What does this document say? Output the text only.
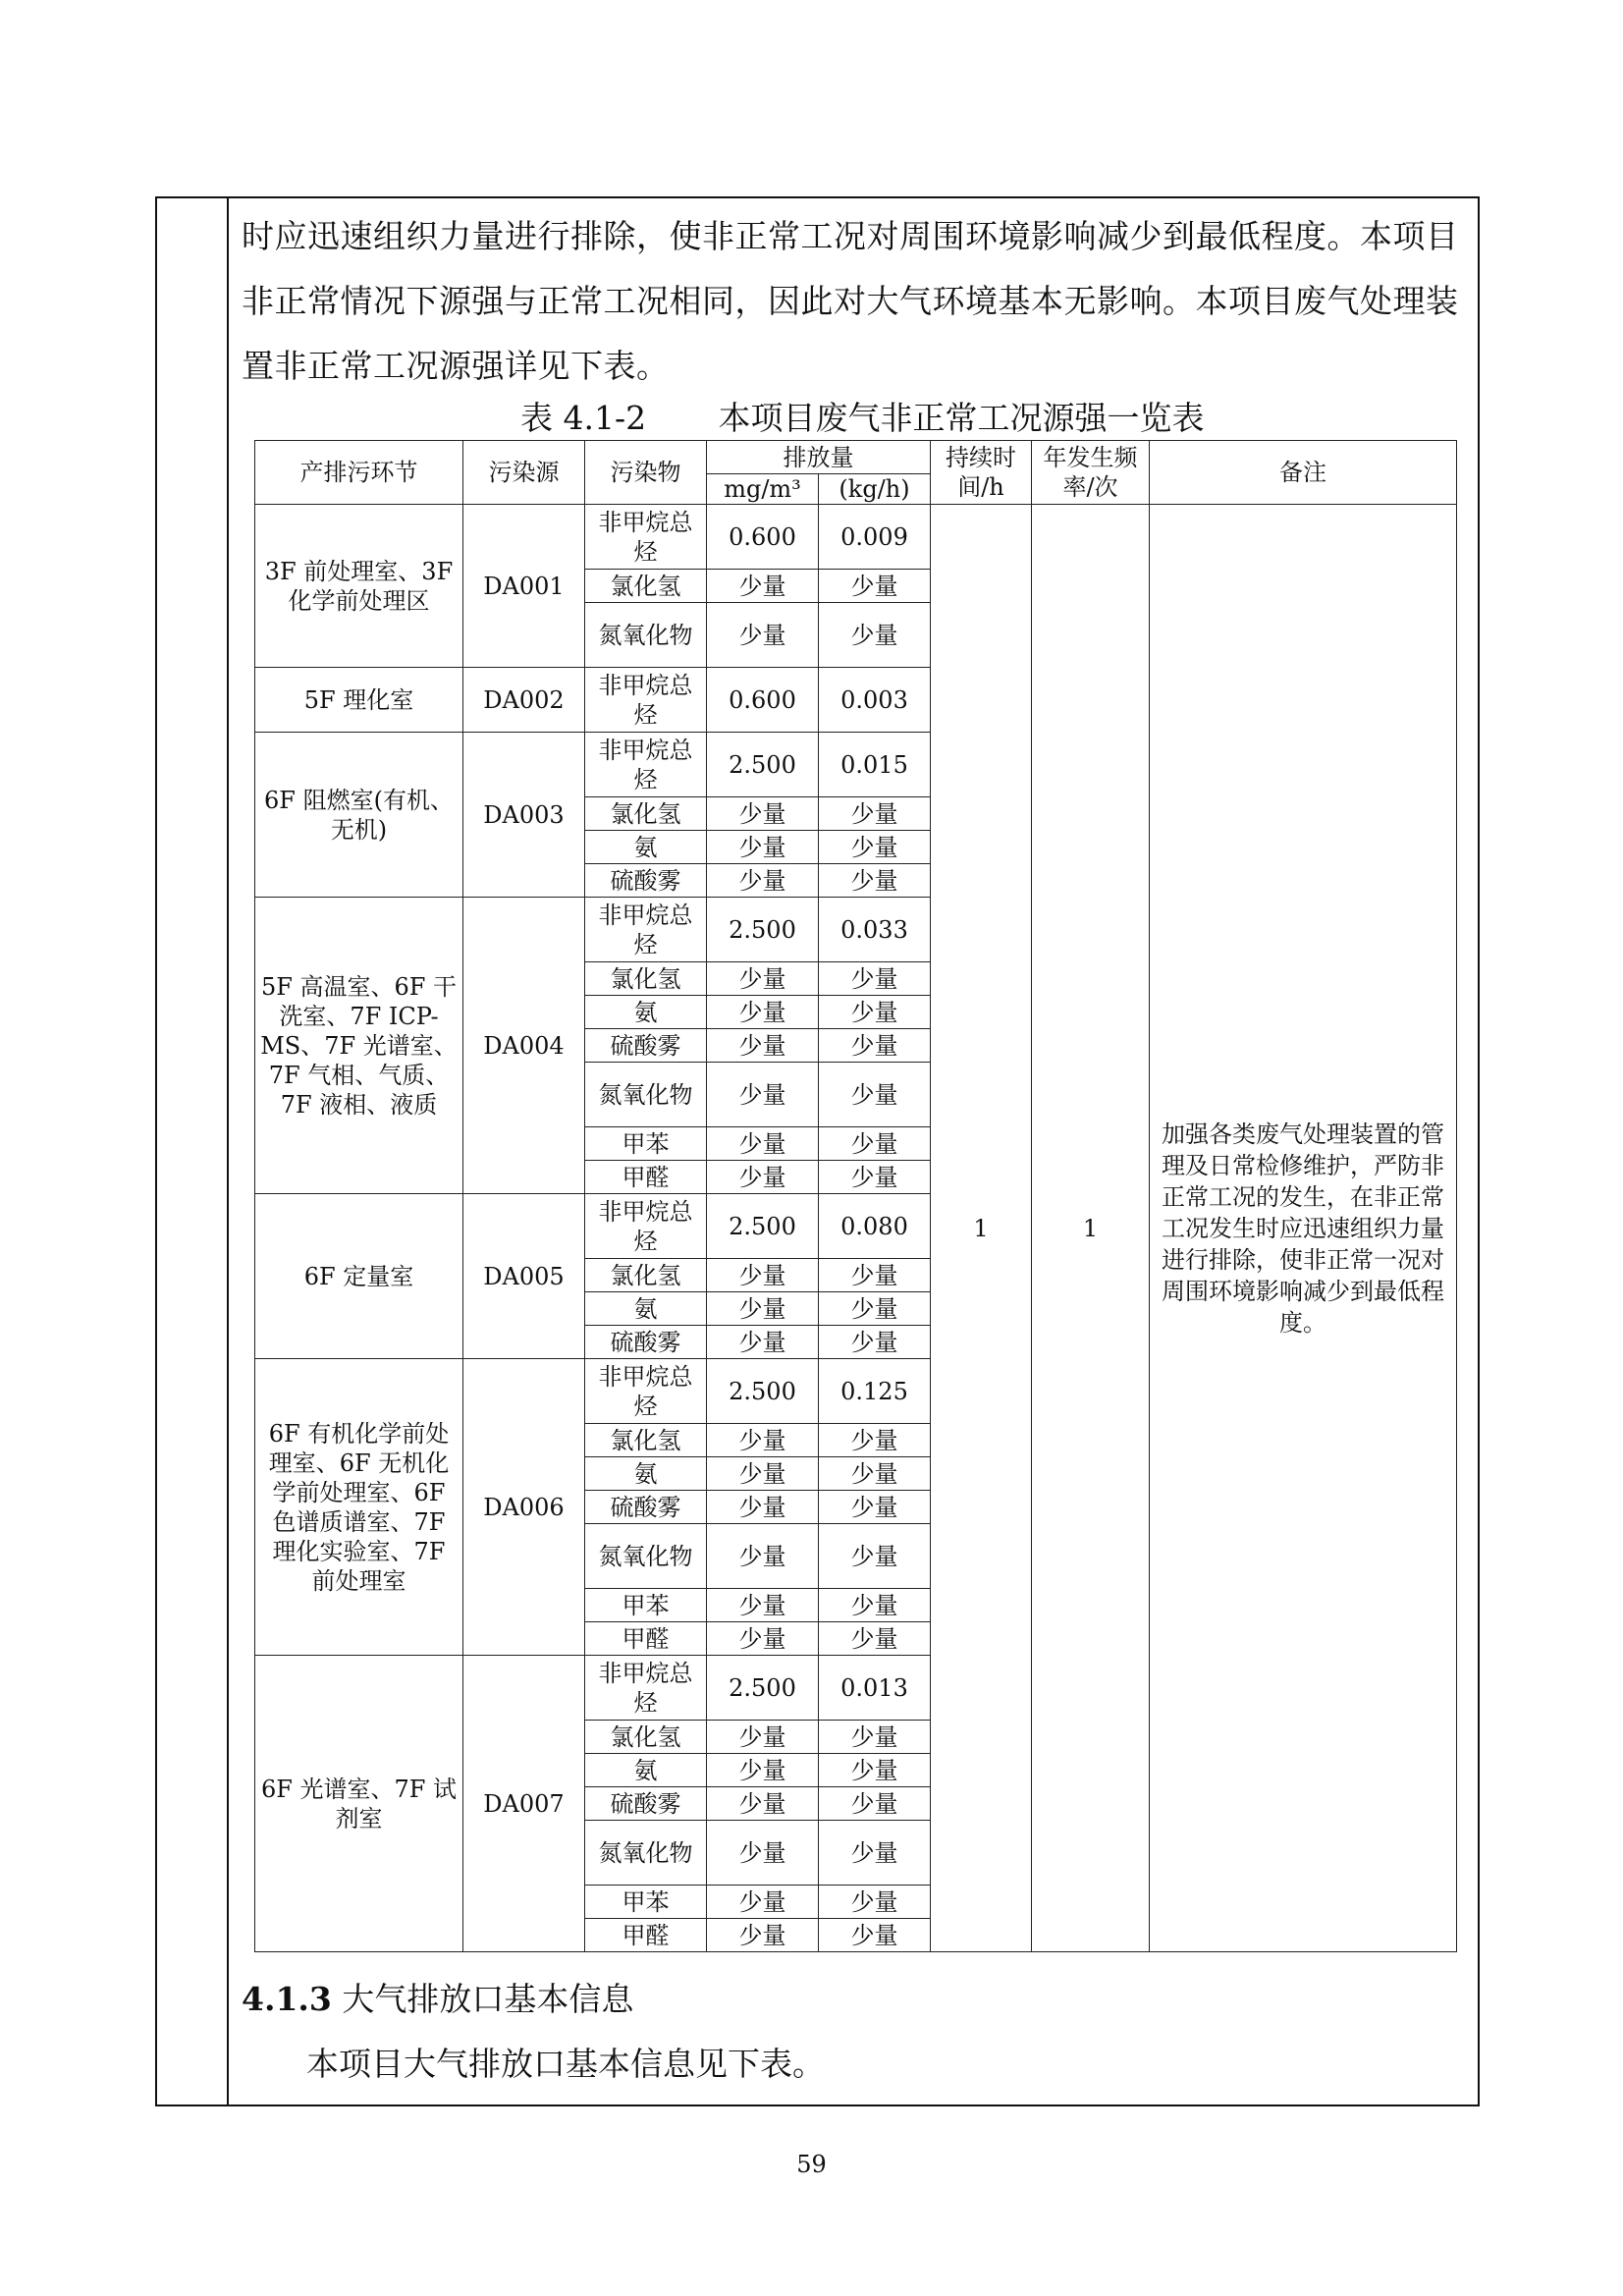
时应迅速组织力量进行排除，使非正常工况对周围环境影响减少到最低程度。本项目
非正常情况下源强与正常工况相同，因此对大气环境基本无影响。本项目废气处理装
置非正常工况源强详见下表。
表 4.1-2       本项目废气非正常工况源强一览表
产排污环节	污染源	污染物	排放量		持续时间/h	年发生频率/次	备注
			mg/m³	(kg/h)			
3F 前处理室、3F 化学前处理区	DA001	非甲烷总烃	0.600	0.009	1	1	加强各类废气处理装置的管理及日常检修维护，严防非正常工况的发生，在非正常工况发生时应迅速组织力量进行排除，使非正常一况对周围环境影响减少到最低程度。
		氯化氢	少量	少量			
		氮氧化物	少量	少量			
5F 理化室	DA002	非甲烷总烃	0.600	0.003			
6F 阻燃室(有机、无机)	DA003	非甲烷总烃	2.500	0.015			
		氯化氢	少量	少量			
		氨	少量	少量			
		硫酸雾	少量	少量			
5F 高温室、6F 干洗室、7F ICP-MS、7F 光谱室、7F 气相、气质、7F 液相、液质	DA004	非甲烷总烃	2.500	0.033			
		氯化氢	少量	少量			
		氨	少量	少量			
		硫酸雾	少量	少量			
		氮氧化物	少量	少量			
		甲苯	少量	少量			
		甲醛	少量	少量			
6F 定量室	DA005	非甲烷总烃	2.500	0.080			
		氯化氢	少量	少量			
		氨	少量	少量			
		硫酸雾	少量	少量			
6F 有机化学前处理室、6F 无机化学前处理室、6F 色谱质谱室、7F 理化实验室、7F 前处理室	DA006	非甲烷总烃	2.500	0.125			
		氯化氢	少量	少量			
		氨	少量	少量			
		硫酸雾	少量	少量			
		氮氧化物	少量	少量			
		甲苯	少量	少量			
		甲醛	少量	少量			
6F 光谱室、7F 试剂室	DA007	非甲烷总烃	2.500	0.013			
		氯化氢	少量	少量			
		氨	少量	少量			
		硫酸雾	少量	少量			
		氮氧化物	少量	少量			
		甲苯	少量	少量			
		甲醛	少量	少量			
4.1.3 大气排放口基本信息
本项目大气排放口基本信息见下表。
59
